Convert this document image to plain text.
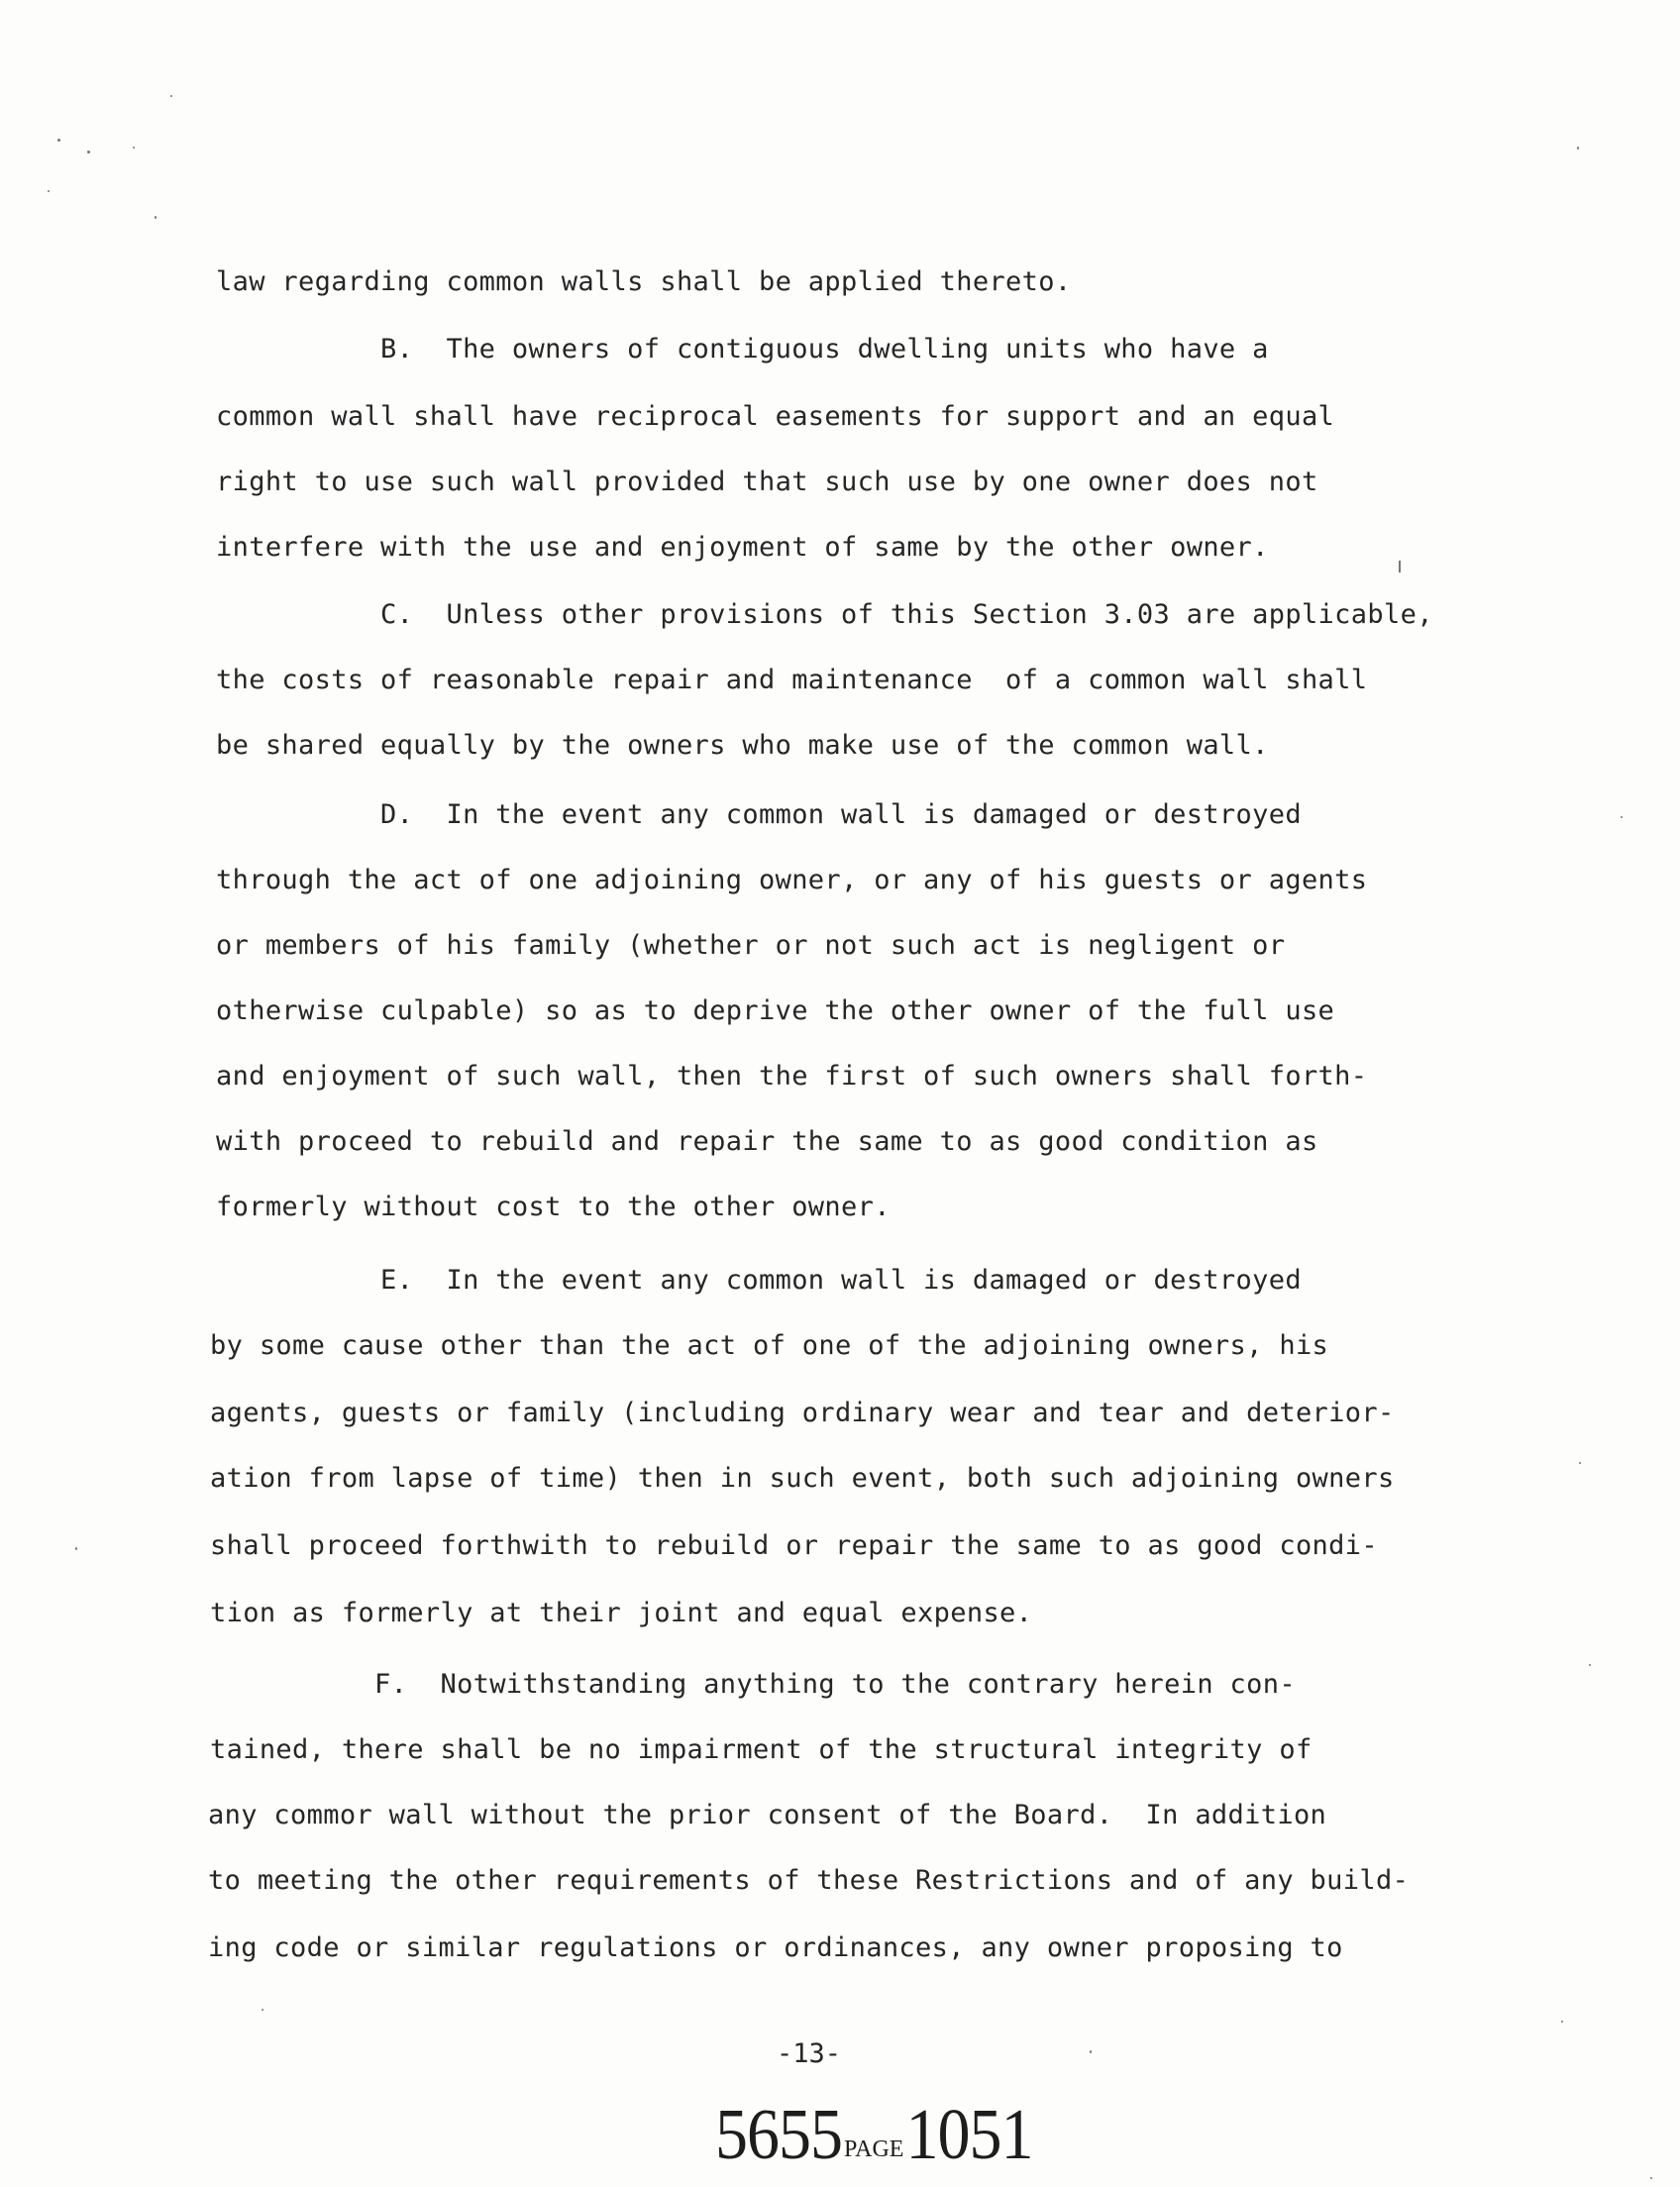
law regarding common walls shall be applied thereto.
B.  The owners of contiguous dwelling units who have a
common wall shall have reciprocal easements for support and an equal
right to use such wall provided that such use by one owner does not
interfere with the use and enjoyment of same by the other owner.
C.  Unless other provisions of this Section 3.03 are applicable,
the costs of reasonable repair and maintenance  of a common wall shall
be shared equally by the owners who make use of the common wall.
D.  In the event any common wall is damaged or destroyed
through the act of one adjoining owner, or any of his guests or agents
or members of his family (whether or not such act is negligent or
otherwise culpable) so as to deprive the other owner of the full use
and enjoyment of such wall, then the first of such owners shall forth-
with proceed to rebuild and repair the same to as good condition as
formerly without cost to the other owner.
E.  In the event any common wall is damaged or destroyed
by some cause other than the act of one of the adjoining owners, his
agents, guests or family (including ordinary wear and tear and deterior-
ation from lapse of time) then in such event, both such adjoining owners
shall proceed forthwith to rebuild or repair the same to as good condi-
tion as formerly at their joint and equal expense.
F.  Notwithstanding anything to the contrary herein con-
tained, there shall be no impairment of the structural integrity of
any commor wall without the prior consent of the Board.  In addition
to meeting the other requirements of these Restrictions and of any build-
ing code or similar regulations or ordinances, any owner proposing to
-13-
5655PAGE1051
